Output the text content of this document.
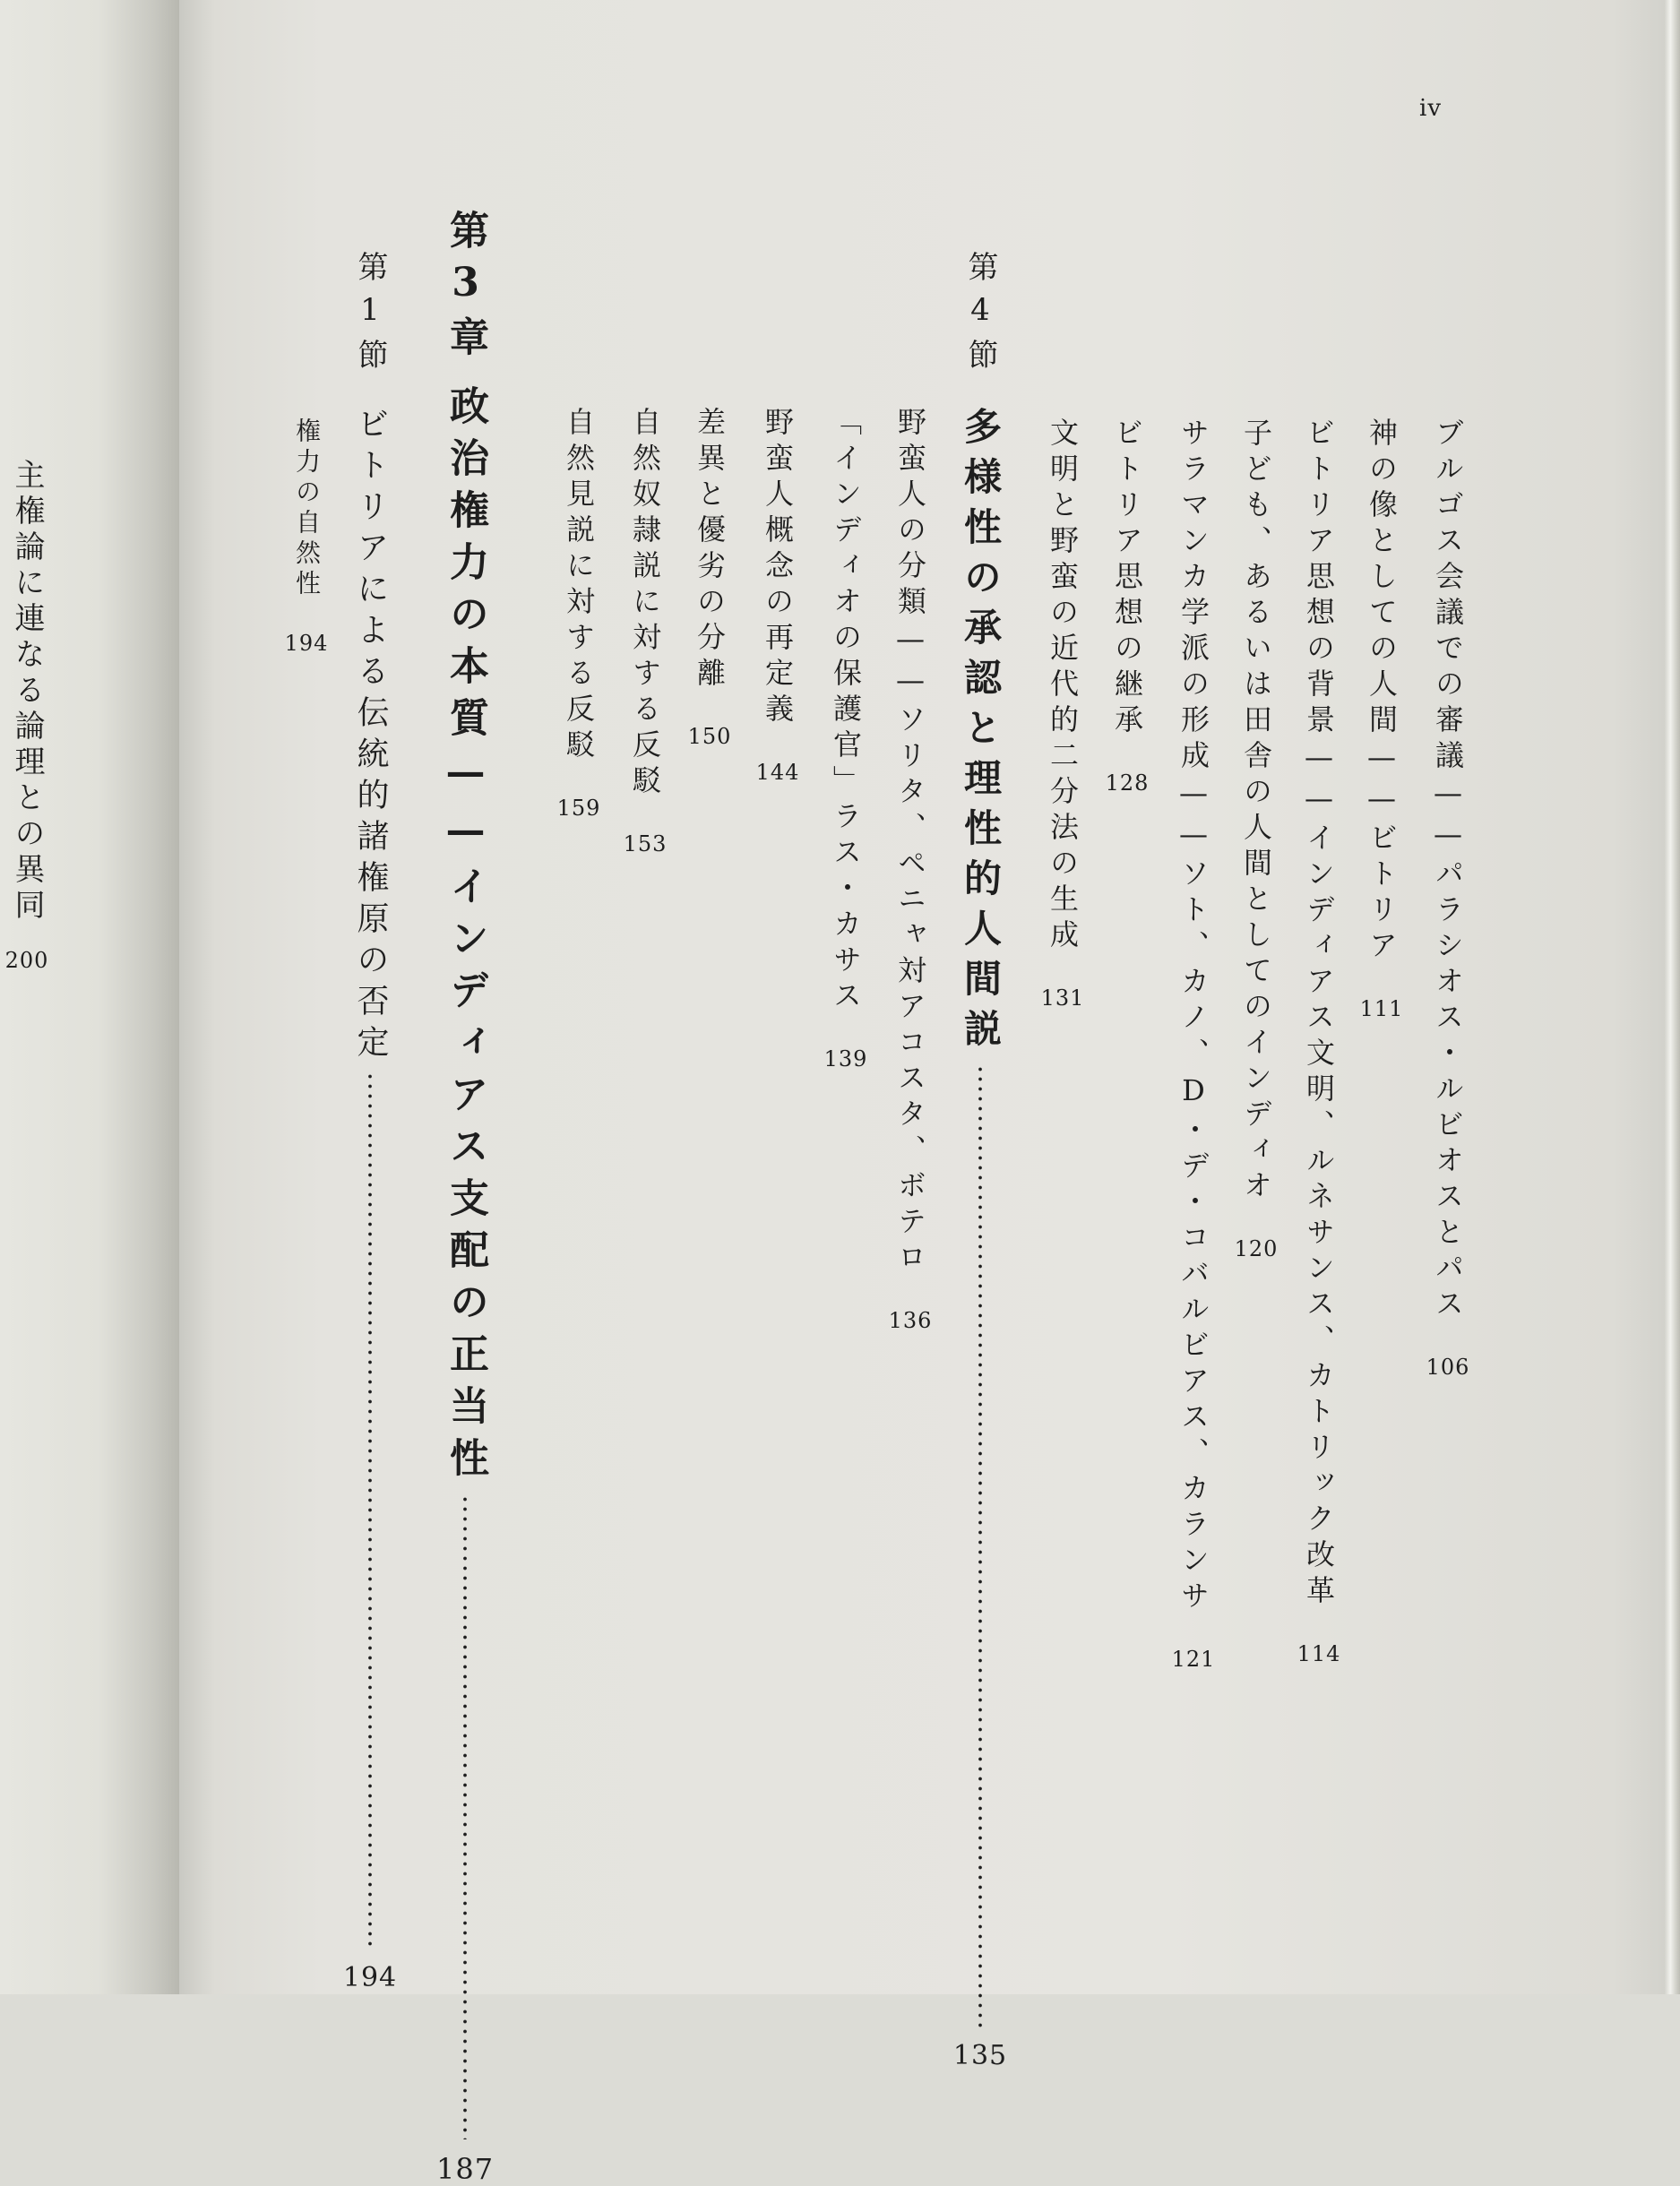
主権論に連なる論理との異同
200
iv
ブルゴス会議での審議——パラシオス・ルビオスとパス
106
神の像としての人間——ビトリア
111
ビトリア思想の背景——インディアス文明、ルネサンス、カトリック改革
114
子ども、あるいは田舎の人間としてのインディオ
120
サラマンカ学派の形成——ソト、カノ、D・デ・コバルビアス、カランサ
121
ビトリア思想の継承
128
文明と野蛮の近代的二分法の生成
131
第4節
多様性の承認と理性的人間説
135
野蛮人の分類——ソリタ、ペニャ対アコスタ、ボテロ
136
「インディオの保護官」ラス・カサス
139
野蛮人概念の再定義
144
差異と優劣の分離
150
自然奴隷説に対する反駁
153
自然見説に対する反駁
159
第3章
政治権力の本質——インディアス支配の正当性
187
第1節
ビトリアによる伝統的諸権原の否定
194
権力の自然性
194
